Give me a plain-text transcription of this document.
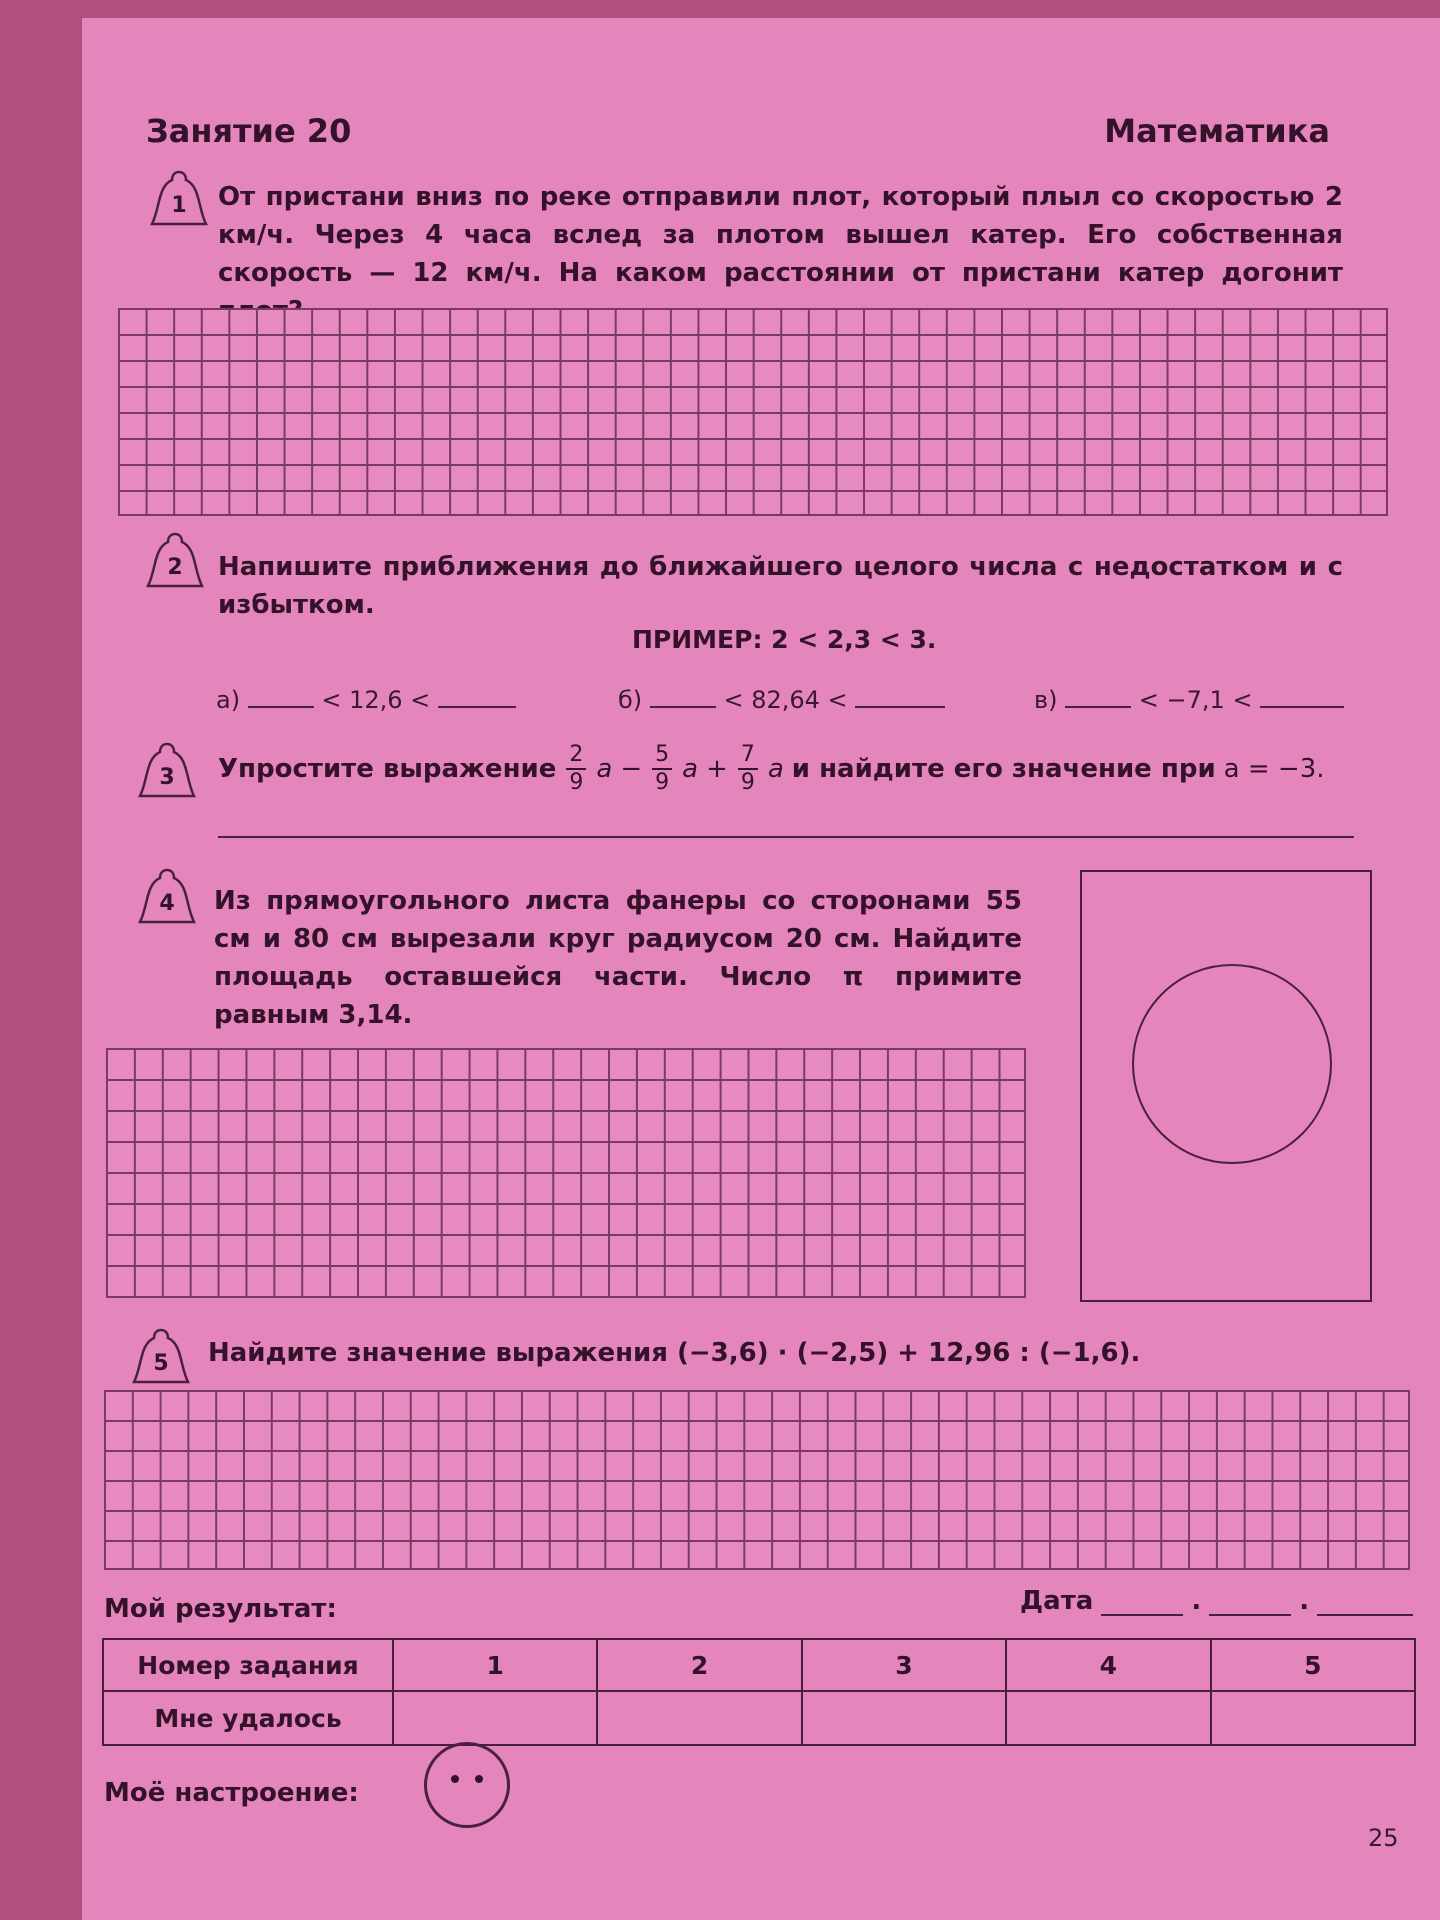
Занятие 20	Математика
1 От пристани вниз по реке отправили плот, который плыл со скоростью 2 км/ч. Через 4 часа вслед за плотом вышел катер. Его собственная скорость — 12 км/ч. На каком расстоянии от пристани катер догонит
2 Напишите приближения до ближайшего целого числа с недостатком и с избытком.
ПРИМЕР: 2 < 2,3 < 3.
а)	< 12,6 <	б)	< 82,64 <	в)	< −7,1 <
3 Упростите выражение $\frac{2}{9}$ $a - \frac{5}{9}$ $a + \frac{7}{9}$ a и найдите его значение при a = −3.
4 Из прямоугольного листа фанеры со сторонами 55 см и 80 см вырезали круг радиусом 20 см. Найдите площадь оставшейся части. Число π примите равным 3,14.
5 Найдите значение выражения (−3,6) · (−2,5) + 12,96 : (−1,6).
Мой результат:	Дата	.	.
Номер задания	1	2	3	4	5
Мне удалось					
Моё настроение:
25
